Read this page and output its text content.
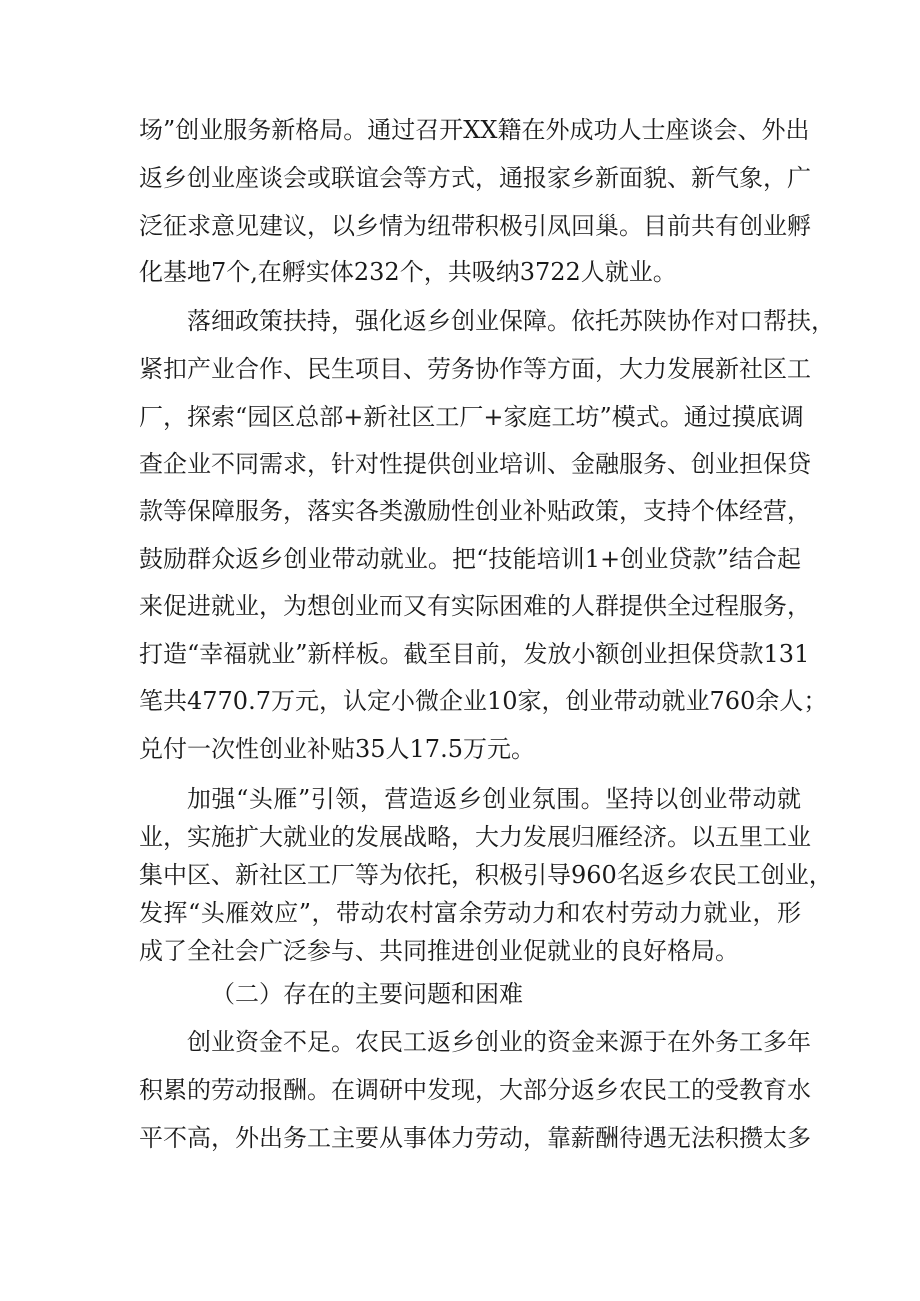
场”创业服务新格局。通过召开XX籍在外成功人士座谈会、外出
返乡创业座谈会或联谊会等方式，通报家乡新面貌、新气象，广
泛征求意见建议，以乡情为纽带积极引凤回巢。目前共有创业孵
化基地7个,在孵实体232个，共吸纳3722人就业。
落细政策扶持，强化返乡创业保障。依托苏陕协作对口帮扶，
紧扣产业合作、民生项目、劳务协作等方面，大力发展新社区工
厂，探索“园区总部+新社区工厂+家庭工坊”模式。通过摸底调
查企业不同需求，针对性提供创业培训、金融服务、创业担保贷
款等保障服务，落实各类激励性创业补贴政策，支持个体经营，
鼓励群众返乡创业带动就业。把“技能培训1+创业贷款”结合起
来促进就业，为想创业而又有实际困难的人群提供全过程服务，
打造“幸福就业”新样板。截至目前，发放小额创业担保贷款131
笔共4770.7万元，认定小微企业10家，创业带动就业760余人；
兑付一次性创业补贴35人17.5万元。
加强“头雁”引领，营造返乡创业氛围。坚持以创业带动就
业，实施扩大就业的发展战略，大力发展归雁经济。以五里工业
集中区、新社区工厂等为依托，积极引导960名返乡农民工创业，
发挥“头雁效应”，带动农村富余劳动力和农村劳动力就业，形
成了全社会广泛参与、共同推进创业促就业的良好格局。
（二）存在的主要问题和困难
创业资金不足。农民工返乡创业的资金来源于在外务工多年
积累的劳动报酬。在调研中发现，大部分返乡农民工的受教育水
平不高，外出务工主要从事体力劳动，靠薪酬待遇无法积攒太多
